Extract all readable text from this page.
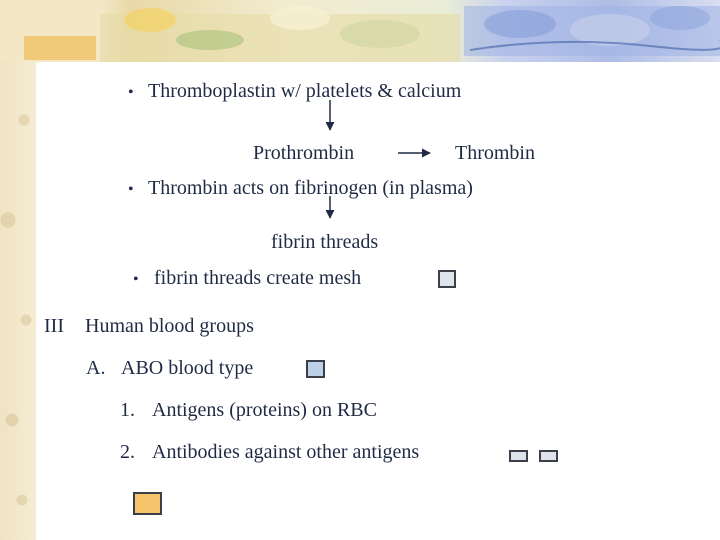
• Thromboplastin w/ platelets & calcium
Prothrombin	Thrombin
• Thrombin acts on fibrinogen (in plasma)
fibrin threads
• fibrin threads create mesh
III Human blood groups
A. ABO blood type
1. Antigens (proteins) on RBC
2. Antibodies against other antigens
